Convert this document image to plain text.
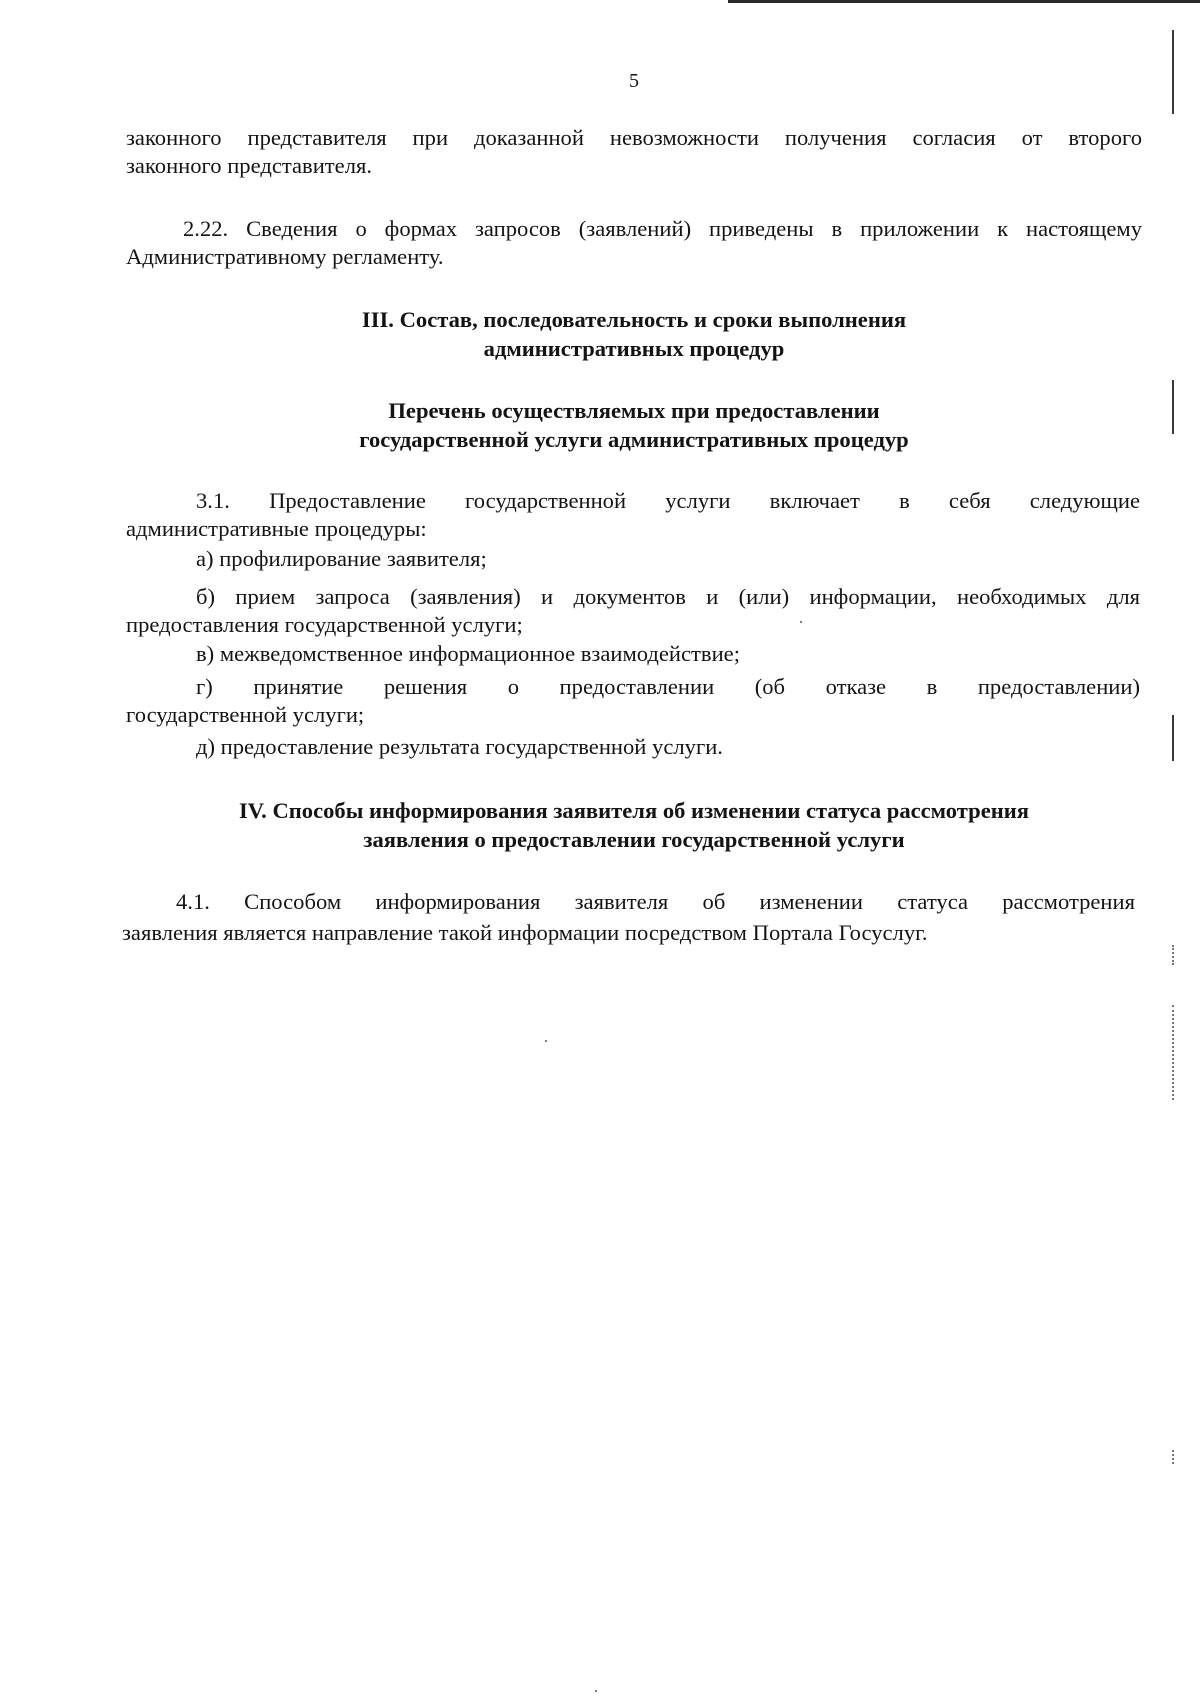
5
законного представителя при доказанной невозможности получения согласия от второго
законного представителя.
2.22. Сведения о формах запросов (заявлений) приведены в приложении к настоящему
Административному регламенту.
III. Состав, последовательность и сроки выполнения
административных процедур
Перечень осуществляемых при предоставлении
государственной услуги административных процедур
3.1. Предоставление государственной услуги включает в себя следующие
административные процедуры:
а) профилирование заявителя;
б) прием запроса (заявления) и документов и (или) информации, необходимых для
предоставления государственной услуги;
в) межведомственное информационное взаимодействие;
г) принятие решения о предоставлении (об отказе в предоставлении)
государственной услуги;
д) предоставление результата государственной услуги.
IV. Способы информирования заявителя об изменении статуса рассмотрения
заявления о предоставлении государственной услуги
4.1. Способом информирования заявителя об изменении статуса рассмотрения
заявления является направление такой информации посредством Портала Госуслуг.
